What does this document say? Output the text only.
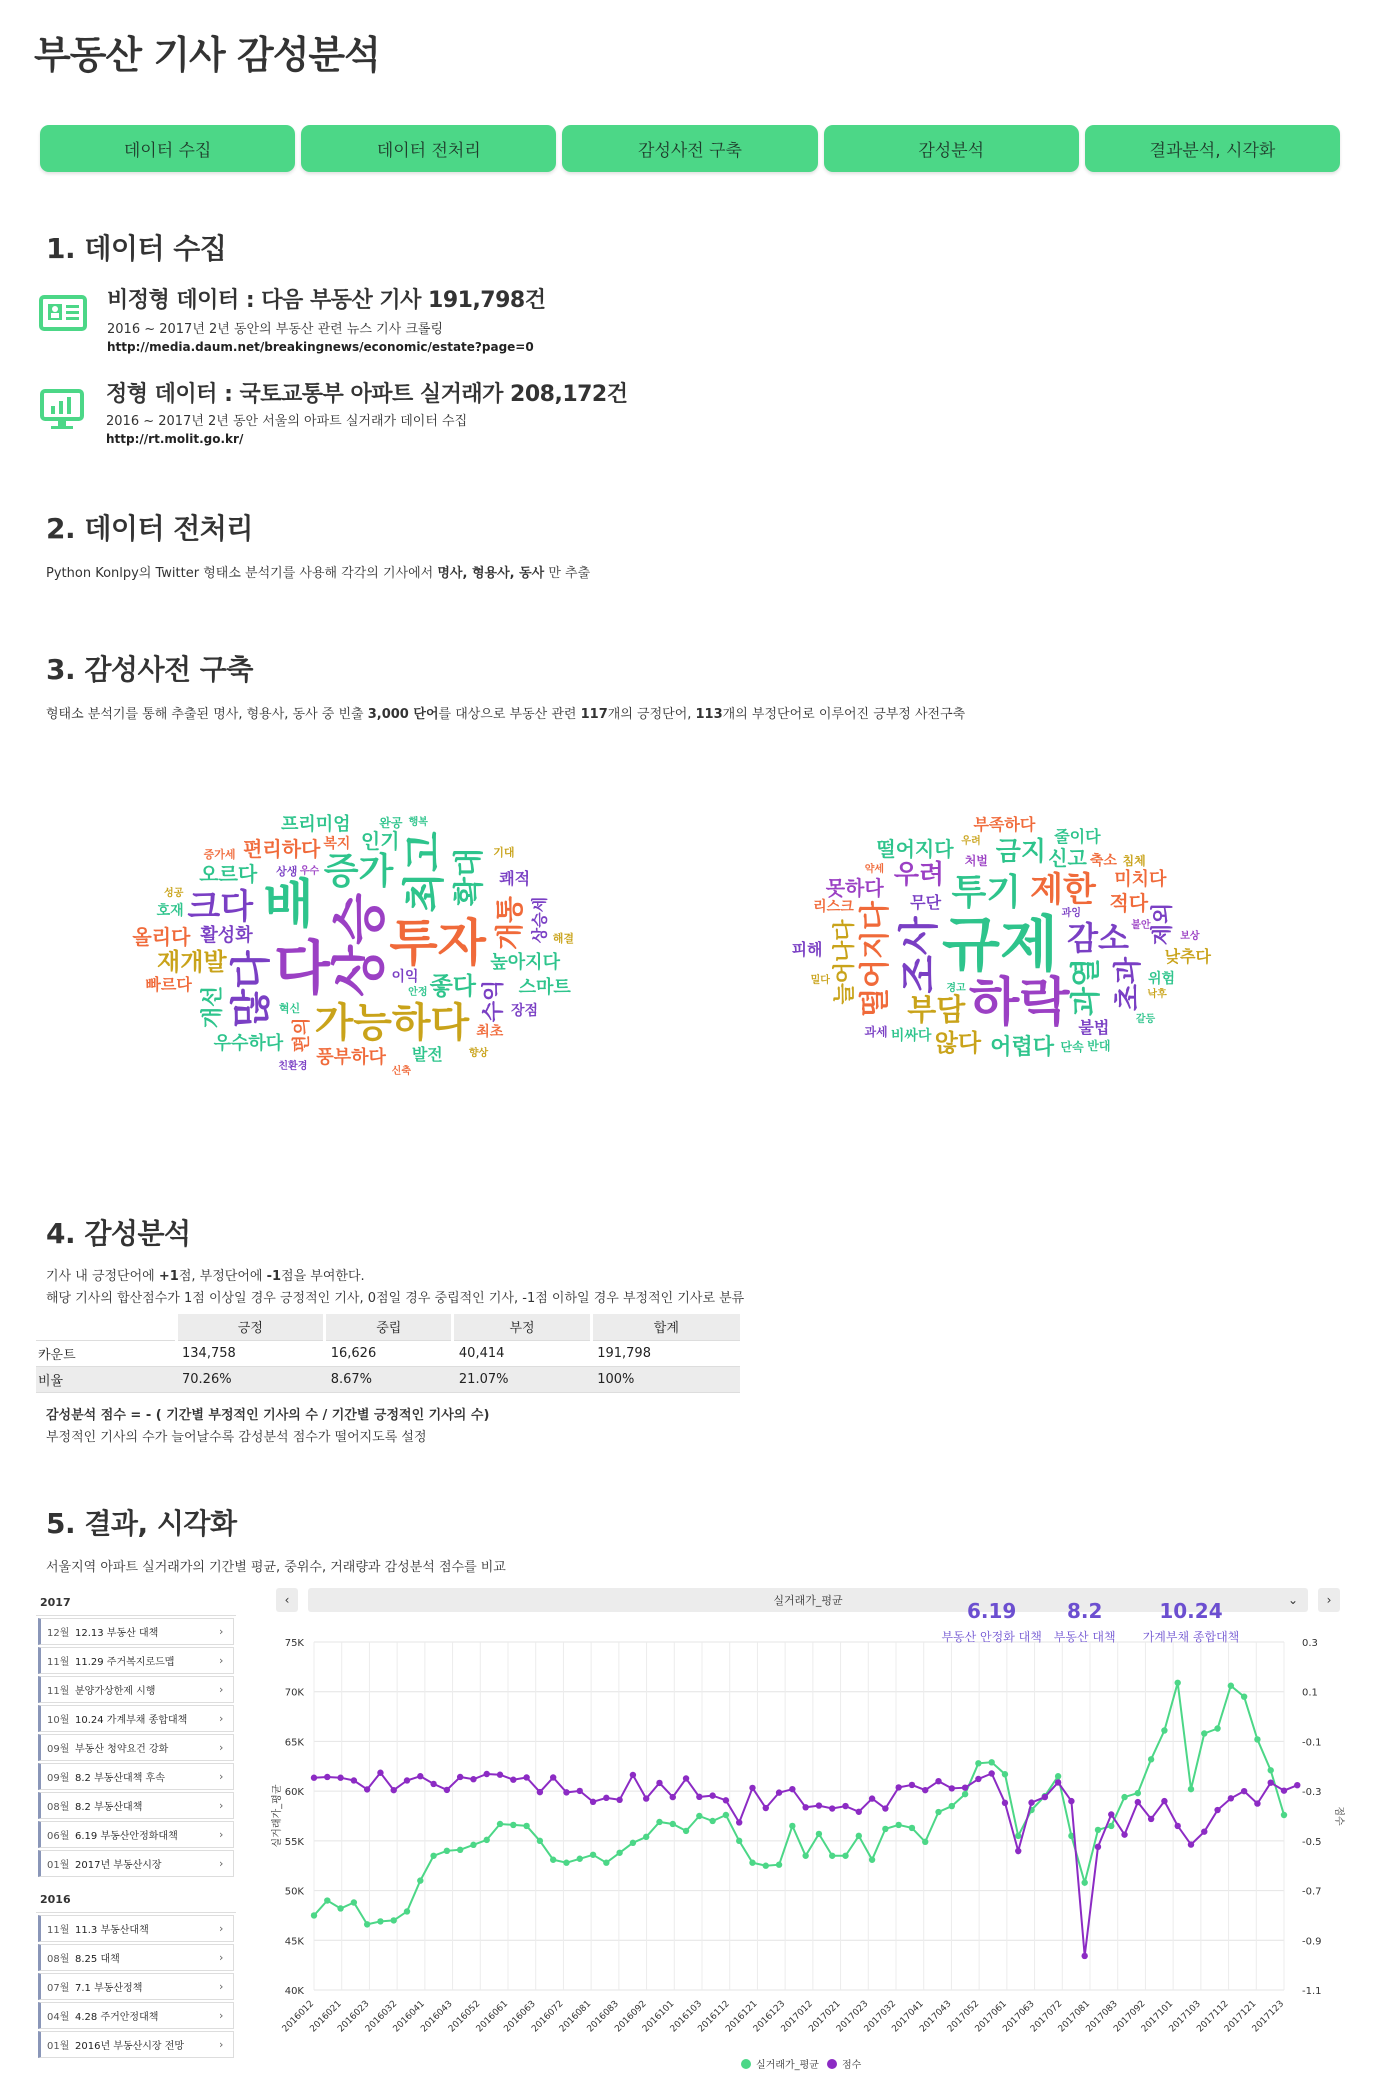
부동산 기사 감성분석
데이터 수집	데이터 전처리	감성사전 구축	감성분석	결과분석, 시각화
1. 데이터 수집
비정형 데이터 : 다음 부동산 기사 191,798건
2016 ~ 2017년 2년 동안의 부동산 관련 뉴스 기사 크롤링
http://media.daum.net/breakingnews/economic/estate?page=0
정형 데이터 : 국토교통부 아파트 실거래가 208,172건
2016 ~ 2017년 2년 동안 서울의 아파트 실거래가 데이터 수집
http://rt.molit.go.kr/
2. 데이터 전처리
Python Konlpy의 Twitter 형태소 분석기를 사용해 각각의 기사에서 명사, 형용사, 동사 만 추출
3. 감성사전 구축
형태소 분석기를 통해 추출된 명사, 형용사, 동사 중 빈출 3,000 단어를 대상으로 부동산 관련 117개의 긍정단어, 113개의 부정단어로 이루어진 긍부정 사전구축
상승
투자
다
배
가능하다
많다
최고
증가
크다
확대
개통
좋다
재개발
편리하다
수익
개선
인기
활성화
오르다
풍부하다
우수하다
프리미엄
상승세
스마트
높아지다
올리다
편의
쾌적
이익
발전
빠르다
장점
복지
호재
최초
완공
혁신
상생
기대
증가세
해결
친환경
안정
우수
성공
향상
행복
신축
규제
하락
조사
투기
감소
제한
과열
떨어지다 부담
우려
초과
금지
늘어나다
어렵다
적다
않다
신고
제외
떨어지다
못하다	미치다
불법
무단
위험
부족하다
비싸다
줄이다
낮추다
피해
축소
리스크
과세
처벌	침체
단속 반대
경고
우려
과잉
약세
보상
낙후
갈등
불안
밀다
4. 감성분석
기사 내 긍정단어에 +1점, 부정단어에 -1점을 부여한다.
해당 기사의 합산점수가 1점 이상일 경우 긍정적인 기사, 0점일 경우 중립적인 기사, -1점 이하일 경우 부정적인 기사로 분류
	긍정	중립	부정	합계
카운트	134,758	16,626	40,414	191,798
비율	70.26%	8.67%	21.07%	100%
감성분석 점수 = - ( 기간별 부정적인 기사의 수 / 기간별 긍정적인 기사의 수)
부정적인 기사의 수가 늘어날수록 감성분석 점수가 떨어지도록 설정
5. 결과, 시각화
서울지역 아파트 실거래가의 기간별 평균, 중위수, 거래량과 감성분석 점수를 비교
2017
12월 12.13 부동산 대책	›
11월 11.29 주거복지로드맵	›
11월 분양가상한제 시행	›
10월 10.24 가계부채 종합대책	›
09월 부동산 청약요건 강화	›
09월 8.2 부동산대책 후속	›
08월 8.2 부동산대책	›
06월 6.19 부동산안정화대책	›
01월 2017년 부동산시장	›
2016
11월 11.3 부동산대책	›
08월 8.25 대책	›
07월 7.1 부동산정책	›
04월 4.28 주거안정대책	›
01월 2016년 부동산시장 전망	›
‹	실거래가_평균	⌄	›
40K
45K
50K
55K
60K
65K
70K
75K
-1.1
-0.9
-0.7
-0.5
-0.3
-0.1
0.1
0.3
2016012
2016021
2016023
2016032
2016041
2016043
2016052
2016061
2016063
2016072
2016081
2016083
2016092
2016101
2016103
2016112
2016121
2016123
2017012
2017021
2017023
2017032
2017041
2017043
2017052
2017061
2017063
2017072
2017081
2017083
2017092
2017101
2017103
2017112
2017121
2017123
실거래가_평균	점수
6.19
부동산 안정화 대책
8.2
부동산 대책
10.24
가계부채 종합대책
실거래가_평균 점수
